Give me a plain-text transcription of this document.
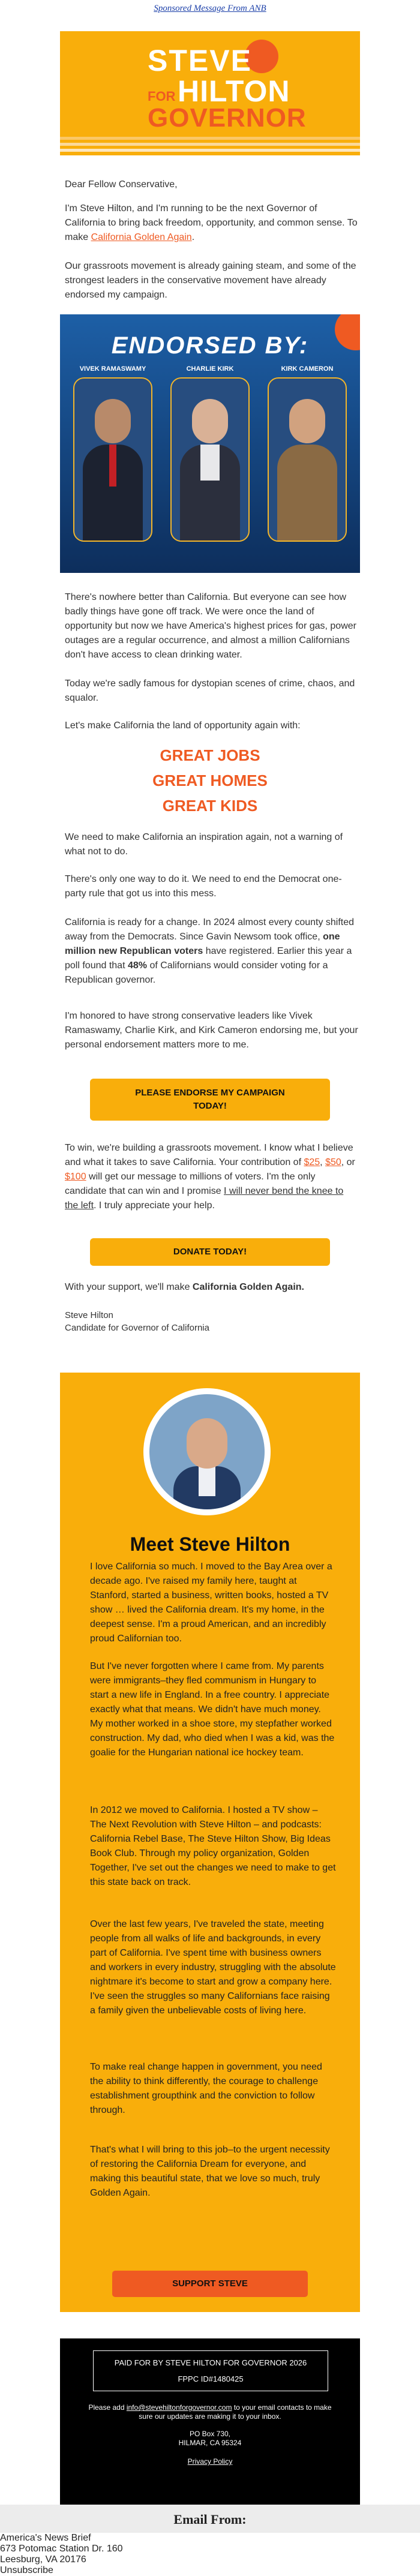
Sponsored Message From ANB
STEVE
FOR HILTON
GOVERNOR
Dear Fellow Conservative,

I'm Steve Hilton, and I'm running to be the next Governor of California to bring back freedom, opportunity, and common sense. To make California Golden Again.

Our grassroots movement is already gaining steam, and some of the strongest leaders in the conservative movement have already endorsed my campaign.
ENDORSED BY:
VIVEK RAMASWAMY	CHARLIE KIRK	KIRK CAMERON
There's nowhere better than California. But everyone can see how badly things have gone off track. We were once the land of opportunity but now we have America's highest prices for gas, power outages are a regular occurrence, and almost a million Californians don't have access to clean drinking water.
Today we're sadly famous for dystopian scenes of crime, chaos, and squalor.
Let's make California the land of opportunity again with:
GREAT JOBS
GREAT HOMES
GREAT KIDS
We need to make California an inspiration again, not a warning of what not to do.
There's only one way to do it. We need to end the Democrat one-party rule that got us into this mess.

California is ready for a change. In 2024 almost every county shifted away from the Democrats. Since Gavin Newsom took office, one million new Republican voters have registered. Earlier this year a poll found that 48% of Californians would consider voting for a Republican governor.

I'm honored to have strong conservative leaders like Vivek Ramaswamy, Charlie Kirk, and Kirk Cameron endorsing me, but your personal endorsement matters more to me.
PLEASE ENDORSE MY CAMPAIGN
TODAY!

To win, we're building a grassroots movement. I know what I believe and what it takes to save California. Your contribution of $25, $50, or $100 will get our message to millions of voters. I'm the only candidate that can win and I promise I will never bend the knee to the left. I truly appreciate your help.

DONATE TODAY!

With your support, we'll make California Golden Again.

Steve Hilton
Candidate for Governor of California
Meet Steve Hilton
I love California so much. I moved to the Bay Area over a decade ago. I've raised my family here, taught at Stanford, started a business, written books, hosted a TV show … lived the California dream. It's my home, in the deepest sense. I'm a proud American, and an incredibly proud Californian too.
But I've never forgotten where I came from. My parents were immigrants–they fled communism in Hungary to start a new life in England. In a free country. I appreciate exactly what that means. We didn't have much money. My mother worked in a shoe store, my stepfather worked construction. My dad, who died when I was a kid, was the goalie for the Hungarian national ice hockey team.
In 2012 we moved to California. I hosted a TV show – The Next Revolution with Steve Hilton – and podcasts: California Rebel Base, The Steve Hilton Show, Big Ideas Book Club. Through my policy organization, Golden Together, I've set out the changes we need to make to get this state back on track.
Over the last few years, I've traveled the state, meeting people from all walks of life and backgrounds, in every part of California. I've spent time with business owners and workers in every industry, struggling with the absolute nightmare it's become to start and grow a company here. I've seen the struggles so many Californians face raising a family given the unbelievable costs of living here.
To make real change happen in government, you need the ability to think differently, the courage to challenge establishment groupthink and the conviction to follow through.
That's what I will bring to this job–to the urgent necessity of restoring the California Dream for everyone, and making this beautiful state, that we love so much, truly Golden Again.
SUPPORT STEVE
PAID FOR BY STEVE HILTON FOR GOVERNOR 2026
FPPC ID#1480425
Please add info@stevehiltonforgovernor.com to your email contacts to make sure our updates are making it to your inbox.
PO Box 730,
HILMAR, CA 95324
Privacy Policy
Email From:
America's News Brief
673 Potomac Station Dr. 160
Leesburg, VA 20176
Unsubscribe
